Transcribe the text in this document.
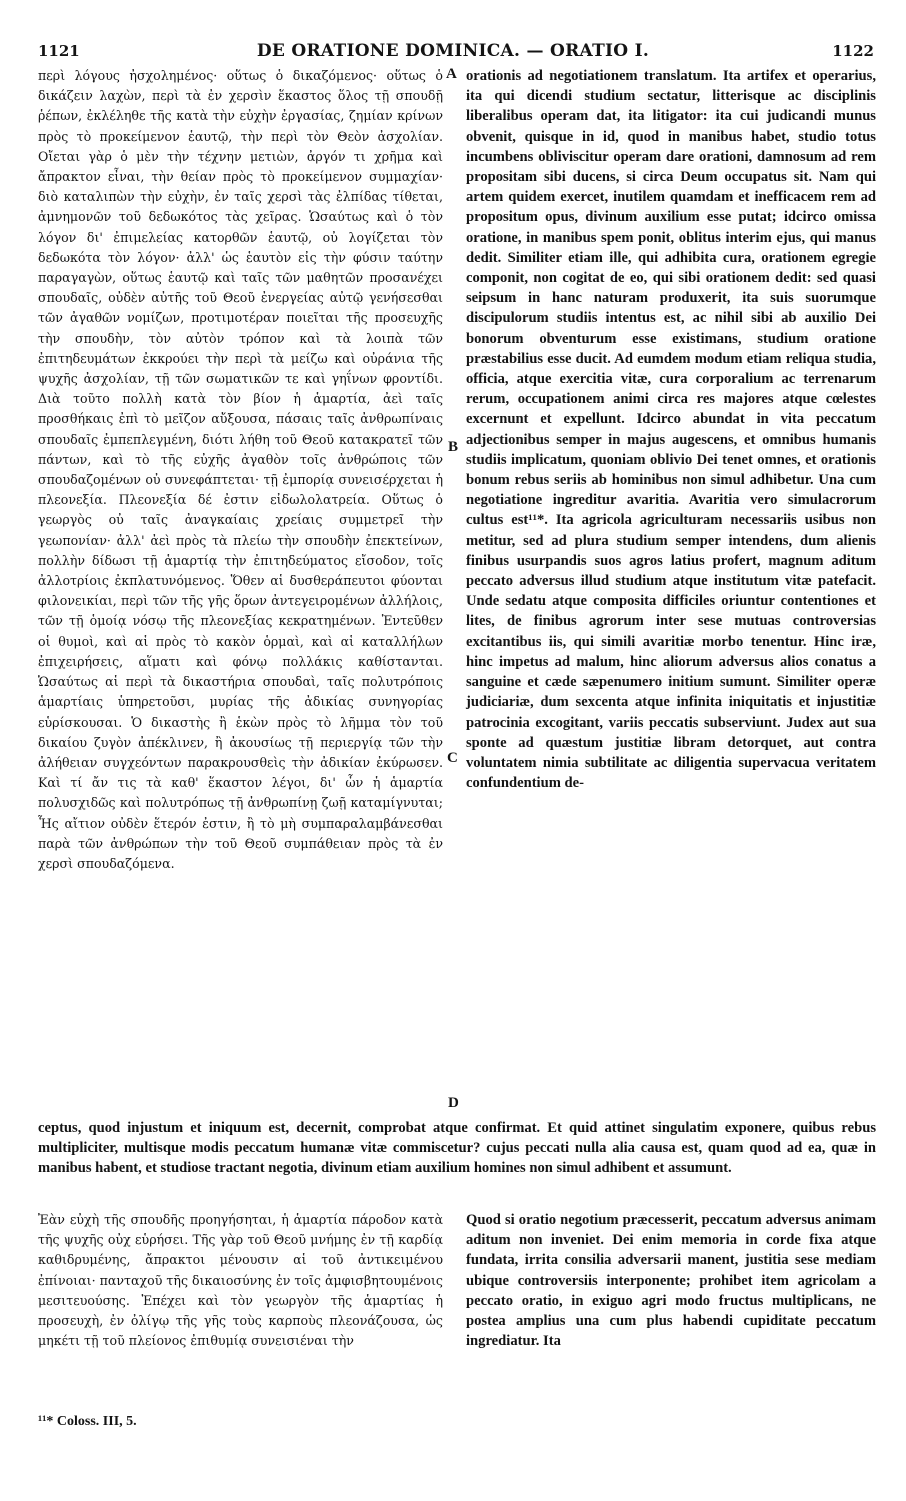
1121	DE ORATIONE DOMINICA. — ORATIO I.	1122

περὶ λόγους ἠσχολημένος· οὕτως ὁ δικαζόμενος· οὕτως ὁ δικάζειν λαχὼν, περὶ τὰ ἐν χερσὶν ἕκαστος ὅλος τῇ σπουδῇ ῥέπων, ἐκλέληθε τῆς κατὰ τὴν εὐχὴν ἐργασίας, ζημίαν κρίνων πρὸς τὸ προκείμενον ἑαυτῷ, τὴν περὶ τὸν Θεὸν ἀσχολίαν. Οἴεται γὰρ ὁ μὲν τὴν τέχνην μετιὼν, ἀργόν τι χρῆμα καὶ ἄπρακτον εἶναι, τὴν θείαν πρὸς τὸ προκείμενον συμμαχίαν· διὸ καταλιπὼν τὴν εὐχὴν, ἐν ταῖς χερσὶ τὰς ἐλπίδας τίθεται, ἀμνημονῶν τοῦ δεδωκότος τὰς χεῖρας. Ὡσαύτως καὶ ὁ τὸν λόγον δι' ἐπιμελείας κατορθῶν ἑαυτῷ, οὐ λογίζεται τὸν δεδωκότα τὸν λόγον· ἀλλ' ὡς ἑαυτὸν εἰς τὴν φύσιν ταύτην παραγαγὼν, οὕτως ἑαυτῷ καὶ ταῖς τῶν μαθητῶν προσανέχει σπουδαῖς, οὐδὲν αὐτῆς τοῦ Θεοῦ ἐνεργείας αὐτῷ γενήσεσθαι τῶν ἀγαθῶν νομίζων, προτιμοτέραν ποιεῖται τῆς προσευχῆς τὴν σπουδὴν, τὸν αὐτὸν τρόπον καὶ τὰ λοιπὰ τῶν ἐπιτηδευμάτων ἐκκρούει τὴν περὶ τὰ μείζω καὶ οὐράνια τῆς ψυχῆς ἀσχολίαν, τῇ τῶν σωματικῶν τε καὶ γηΐνων φροντίδι. Διὰ τοῦτο πολλὴ κατὰ τὸν βίον ἡ ἁμαρτία, ἀεὶ ταῖς προσθήκαις ἐπὶ τὸ μεῖζον αὔξουσα, πάσαις ταῖς ἀνθρωπίναις σπουδαῖς ἐμπεπλεγμένη, διότι λήθη τοῦ Θεοῦ κατακρατεῖ τῶν πάντων, καὶ τὸ τῆς εὐχῆς ἀγαθὸν τοῖς ἀνθρώποις τῶν σπουδαζομένων οὐ συνεφάπτεται· τῇ ἐμπορίᾳ συνεισέρχεται ἡ πλεονεξία. Πλεονεξία δέ ἐστιν εἰδωλολατρεία. Οὕτως ὁ γεωργὸς οὐ ταῖς ἀναγκαίαις χρείαις συμμετρεῖ τὴν γεωπονίαν· ἀλλ' ἀεὶ πρὸς τὰ πλείω τὴν σπουδὴν ἐπεκτείνων, πολλὴν δίδωσι τῇ ἁμαρτίᾳ τὴν ἐπιτηδεύματος εἴσοδον, τοῖς ἀλλοτρίοις ἐκπλατυνόμενος. Ὅθεν αἱ δυσθεράπευτοι φύονται φιλονεικίαι, περὶ τῶν τῆς γῆς ὅρων ἀντεγειρομένων ἀλλήλοις, τῶν τῇ ὁμοίᾳ νόσῳ τῆς πλεονεξίας κεκρατημένων. Ἐντεῦθεν οἱ θυμοὶ, καὶ αἱ πρὸς τὸ κακὸν ὁρμαὶ, καὶ αἱ καταλλήλων ἐπιχειρήσεις, αἵματι καὶ φόνῳ πολλάκις καθίστανται. Ὡσαύτως αἱ περὶ τὰ δικαστήρια σπουδαὶ, ταῖς πολυτρόποις ἁμαρτίαις ὑπηρετοῦσι, μυρίας τῆς ἀδικίας συνηγορίας εὑρίσκουσαι. Ὁ δικαστὴς ἢ ἑκὼν πρὸς τὸ λῆμμα τὸν τοῦ δικαίου ζυγὸν ἀπέκλινεν, ἢ ἀκουσίως τῇ περιεργίᾳ τῶν τὴν ἀλήθειαν συγχεόντων παρακρουσθεὶς τὴν ἀδικίαν ἐκύρωσεν. Καὶ τί ἄν τις τὰ καθ' ἕκαστον λέγοι, δι' ὧν ἡ ἁμαρτία πολυσχιδῶς καὶ πολυτρόπως τῇ ἀνθρωπίνῃ ζωῇ καταμίγνυται; Ἧς αἴτιον οὐδὲν ἕτερόν ἐστιν, ἢ τὸ μὴ συμπαραλαμβάνεσθαι παρὰ τῶν ἀνθρώπων τὴν τοῦ Θεοῦ συμπάθειαν πρὸς τὰ ἐν χερσὶ σπουδαζόμενα.

orationis ad negotiationem translatum. Ita artifex et operarius, ita qui dicendi studium sectatur, litterisque ac disciplinis liberalibus operam dat, ita litigator: ita cui judicandi munus obvenit, quisque in id, quod in manibus habet, studio totus incumbens obliviscitur operam dare orationi, damnosum ad rem propositam sibi ducens, si circa Deum occupatus sit. Nam qui artem quidem exercet, inutilem quamdam et inefficacem rem ad propositum opus, divinum auxilium esse putat; idcirco omissa oratione, in manibus spem ponit, oblitus interim ejus, qui manus dedit. Similiter etiam ille, qui adhibita cura, orationem egregie componit, non cogitat de eo, qui sibi orationem dedit: sed quasi seipsum in hanc naturam produxerit, ita suis suorumque discipulorum studiis intentus est, ac nihil sibi ab auxilio Dei bonorum obventurum esse existimans, studium oratione præstabilius esse ducit. Ad eumdem modum etiam reliqua studia, officia, atque exercitia vitæ, cura corporalium ac terrenarum rerum, occupationem animi circa res majores atque cœlestes excernunt et expellunt. Idcirco abundat in vita peccatum adjectionibus semper in majus augescens, et omnibus humanis studiis implicatum, quoniam oblivio Dei tenet omnes, et orationis bonum rebus seriis ab hominibus non simul adhibetur. Una cum negotiatione ingreditur avaritia. Avaritia vero simulacrorum cultus est¹¹*. Ita agricola agriculturam necessariis usibus non metitur, sed ad plura studium semper intendens, dum alienis finibus usurpandis suos agros latius profert, magnum aditum peccato adversus illud studium atque institutum vitæ patefacit. Unde sedatu atque composita difficiles oriuntur contentiones et lites, de finibus agrorum inter sese mutuas controversias excitantibus iis, qui simili avaritiæ morbo tenentur. Hinc iræ, hinc impetus ad malum, hinc aliorum adversus alios conatus a sanguine et cæde sæpenumero initium sumunt. Similiter operæ judiciariæ, dum sexcenta atque infinita iniquitatis et injustitiæ patrocinia excogitant, variis peccatis subserviunt. Judex aut sua sponte ad quæstum justitiæ libram detorquet, aut contra voluntatem nimia subtilitate ac diligentia supervacua veritatem confundentium de-

A
B
C
D

ceptus, quod injustum et iniquum est, decernit, comprobat atque confirmat. Et quid attinet singulatim exponere, quibus rebus multipliciter, multisque modis peccatum humanæ vitæ commiscetur? cujus peccati nulla alia causa est, quam quod ad ea, quæ in manibus habent, et studiose tractant negotia, divinum etiam auxilium homines non simul adhibent et assumunt.

Ἐὰν εὐχὴ τῆς σπουδῆς προηγήσηται, ἡ ἁμαρτία πάροδον κατὰ τῆς ψυχῆς οὐχ εὑρήσει. Τῆς γὰρ τοῦ Θεοῦ μνήμης ἐν τῇ καρδίᾳ καθιδρυμένης, ἄπρακτοι μένουσιν αἱ τοῦ ἀντικειμένου ἐπίνοιαι· πανταχοῦ τῆς δικαιοσύνης ἐν τοῖς ἀμφισβητουμένοις μεσιτευούσης. Ἐπέχει καὶ τὸν γεωργὸν τῆς ἁμαρτίας ἡ προσευχὴ, ἐν ὀλίγῳ τῆς γῆς τοὺς καρποὺς πλεονάζουσα, ὡς μηκέτι τῇ τοῦ πλείονος ἐπιθυμίᾳ συνεισιέναι τὴν

Quod si oratio negotium præcesserit, peccatum adversus animam aditum non inveniet. Dei enim memoria in corde fixa atque fundata, irrita consilia adversarii manent, justitia sese mediam ubique controversiis interponente; prohibet item agricolam a peccato oratio, in exiguo agri modo fructus multiplicans, ne postea amplius una cum plus habendi cupiditate peccatum ingrediatur. Ita

¹¹* Coloss. III, 5.
